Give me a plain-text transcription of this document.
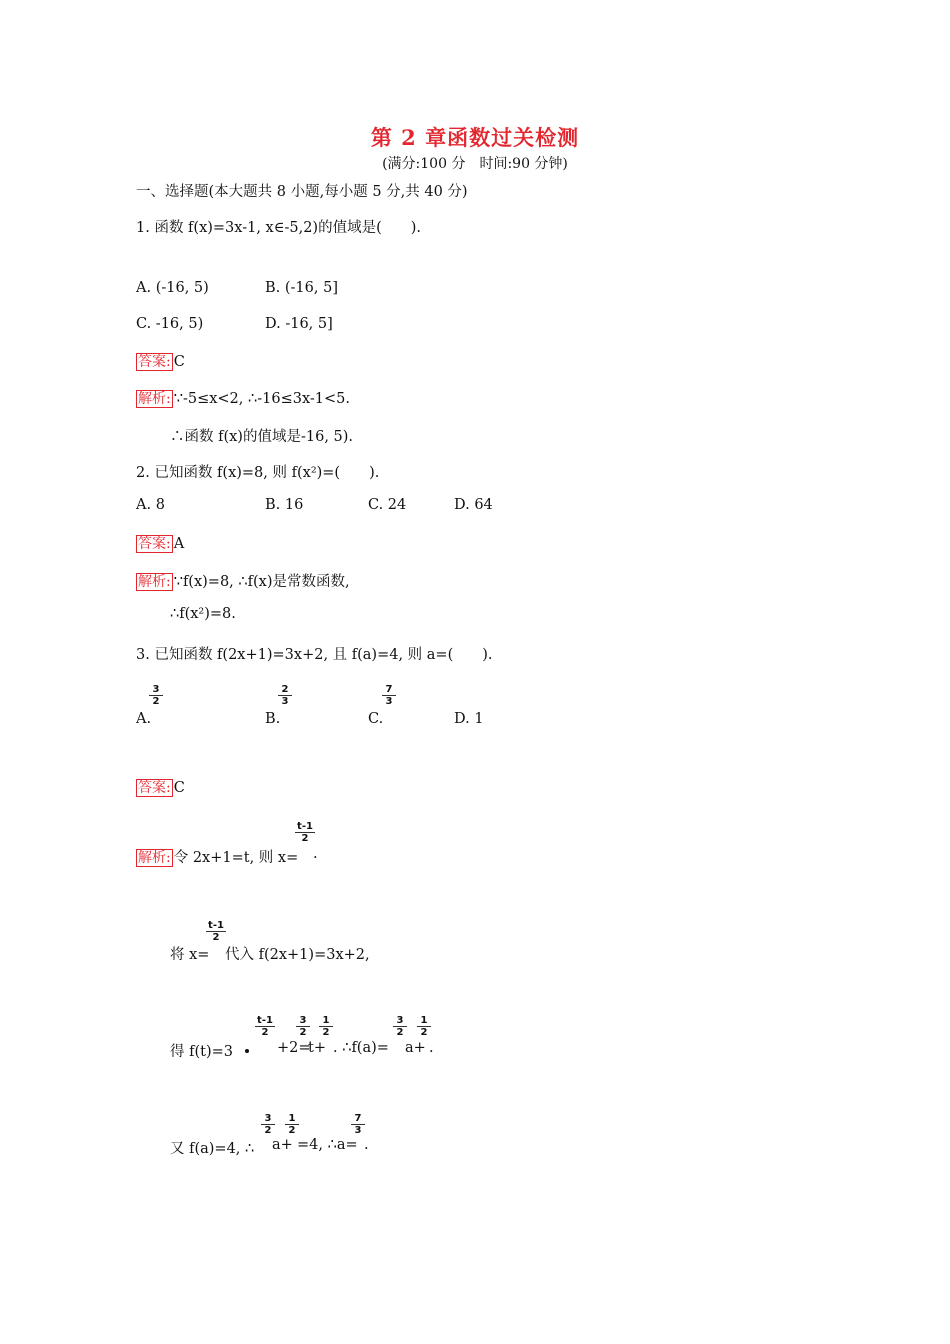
第 2 章函数过关检测
(满分:100 分　时间:90 分钟)
一、选择题(本大题共 8 小题,每小题 5 分,共 40 分)
1. 函数 f(x)=3x-1, x∈-5,2)的值域是(　　).
A. (-16, 5)	B. (-16, 5]
C. -16, 5)	D. -16, 5]
答案: C
解析: ∵-5≤x<2, ∴-16≤3x-1<5.
∴函数 f(x)的值域是-16, 5).
2. 已知函数 f(x)=8, 则 f(x²)=(　　).
A. 8	B. 16	C. 24	D. 64
答案: A
解析: ∵f(x)=8, ∴f(x)是常数函数,
∴f(x²)=8.
3. 已知函数 f(2x+1)=3x+2, 且 f(a)=4, 则 a=(　　).
A.
$\frac{3}{2}$
B.
$\frac{2}{3}$
C.
$\frac{7}{3}$
D. 1
答案: C
解析: 令 2x+1=t, 则 x=
$\frac{t-1}{2}$
.
将 x=
$\frac{t-1}{2}$
代入 f(2x+1)=3x+2,
得 f(t)=3
$\frac{t-1}{2}$
+2=
$\frac{3}{2}$
t+
$\frac{1}{2}$
. ∴f(a)=
$\frac{3}{2}$
a+
$\frac{1}{2}$
.
又 f(a)=4, ∴
$\frac{3}{2}$
a+
$\frac{1}{2}$
=4, ∴a=
$\frac{7}{3}$
.
